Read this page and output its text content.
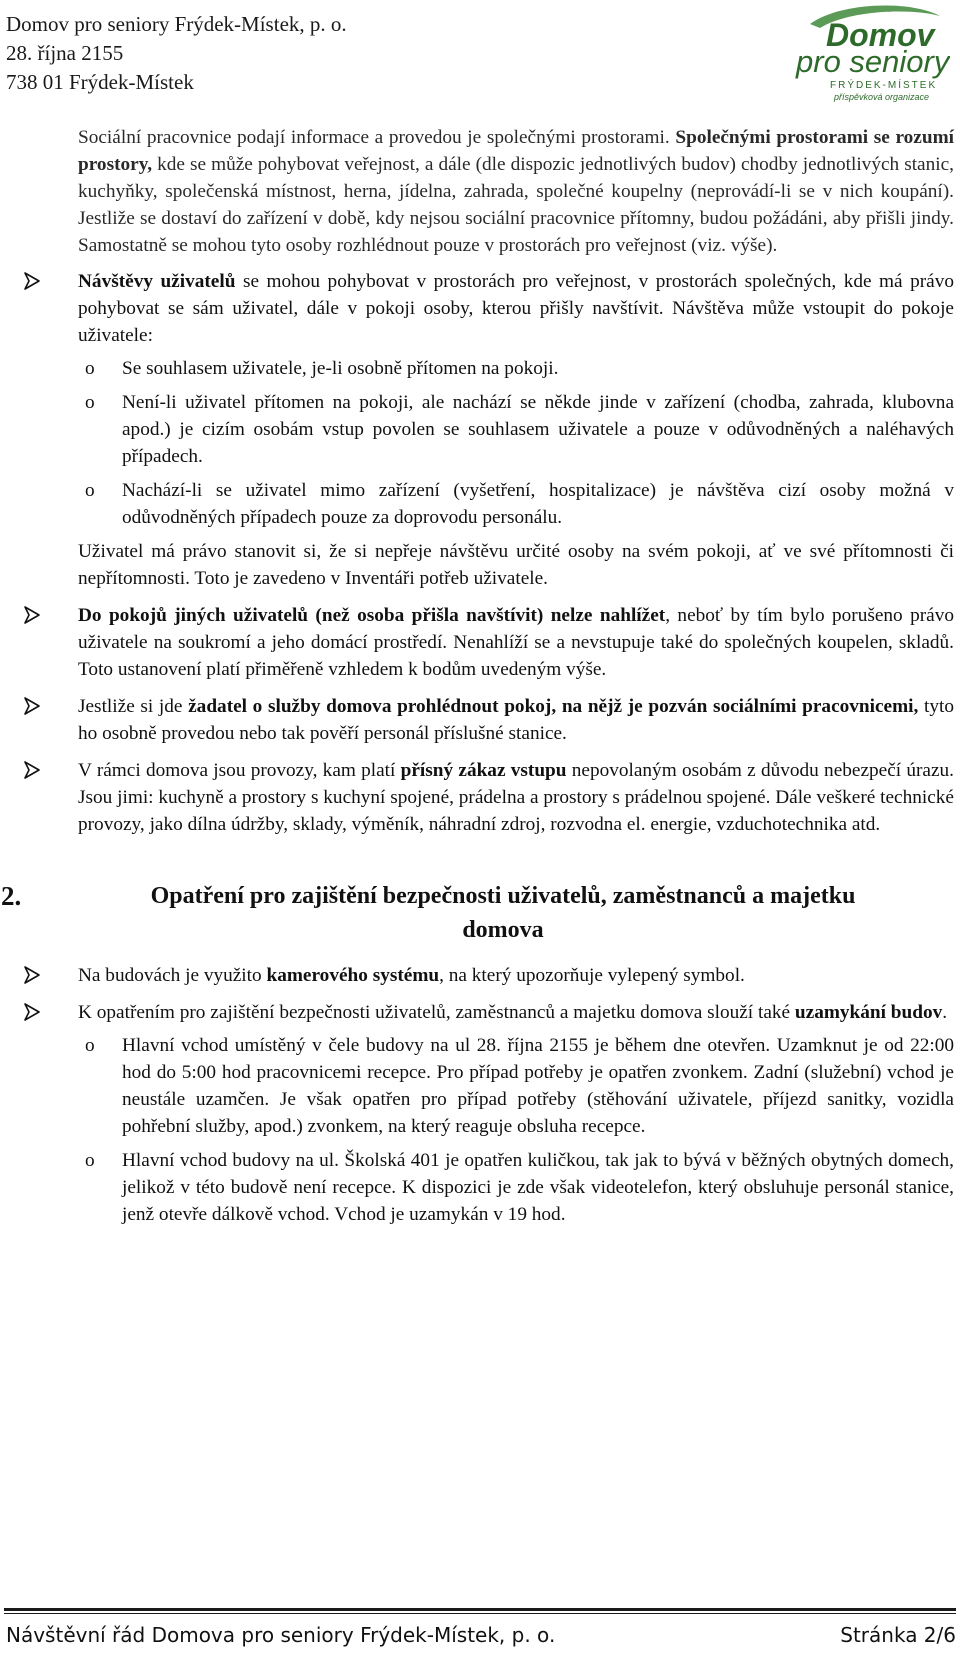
Domov pro seniory Frýdek-Místek, p. o.
28. října 2155
738 01 Frýdek-Místek
Domov
pro seniory
FRÝDEK-MÍSTEK
příspěvková organizace

Sociální pracovnice podají informace a provedou je společnými prostorami. Společnými prostorami se rozumí prostory, kde se může pohybovat veřejnost, a dále (dle dispozic jednotlivých budov) chodby jednotlivých stanic, kuchyňky, společenská místnost, herna, jídelna, zahrada, společné koupelny (neprovádí-li se v nich koupání). Jestliže se dostaví do zařízení v době, kdy nejsou sociální pracovnice přítomny, budou požádáni, aby přišli jindy. Samostatně se mohou tyto osoby rozhlédnout pouze v prostorách pro veřejnost (viz. výše).

Návštěvy uživatelů se mohou pohybovat v prostorách pro veřejnost, v prostorách společných, kde má právo pohybovat se sám uživatel, dále v pokoji osoby, kterou přišly navštívit. Návštěva může vstoupit do pokoje uživatele:

o Se souhlasem uživatele, je-li osobně přítomen na pokoji.
o Není-li uživatel přítomen na pokoji, ale nachází se někde jinde v zařízení (chodba, zahrada, klubovna apod.) je cizím osobám vstup povolen se souhlasem uživatele a pouze v odůvodněných a naléhavých případech.
o Nachází-li se uživatel mimo zařízení (vyšetření, hospitalizace) je návštěva cizí osoby možná v odůvodněných případech pouze za doprovodu personálu.

Uživatel má právo stanovit si, že si nepřeje návštěvu určité osoby na svém pokoji, ať ve své přítomnosti či nepřítomnosti. Toto je zavedeno v Inventáři potřeb uživatele.

Do pokojů jiných uživatelů (než osoba přišla navštívit) nelze nahlížet, neboť by tím bylo porušeno právo uživatele na soukromí a jeho domácí prostředí. Nenahlíží se a nevstupuje také do společných koupelen, skladů. Toto ustanovení platí přiměřeně vzhledem k bodům uvedeným výše.

Jestliže si jde žadatel o služby domova prohlédnout pokoj, na nějž je pozván sociálními pracovnicemi, tyto ho osobně provedou nebo tak pověří personál příslušné stanice.

V rámci domova jsou provozy, kam platí přísný zákaz vstupu nepovolaným osobám z důvodu nebezpečí úrazu. Jsou jimi: kuchyně a prostory s kuchyní spojené, prádelna a prostory s prádelnou spojené. Dále veškeré technické provozy, jako dílna údržby, sklady, výměník, náhradní zdroj, rozvodna el. energie, vzduchotechnika atd.

2.	Opatření pro zajištění bezpečnosti uživatelů, zaměstnanců a majetku
domova

Na budovách je využito kamerového systému, na který upozorňuje vylepený symbol.

K opatřením pro zajištění bezpečnosti uživatelů, zaměstnanců a majetku domova slouží také uzamykání budov.

o Hlavní vchod umístěný v čele budovy na ul 28. října 2155 je během dne otevřen. Uzamknut je od 22:00 hod do 5:00 hod pracovnicemi recepce. Pro případ potřeby je opatřen zvonkem. Zadní (služební) vchod je neustále uzamčen. Je však opatřen pro případ potřeby (stěhování uživatele, příjezd sanitky, vozidla pohřební služby, apod.) zvonkem, na který reaguje obsluha recepce.
o Hlavní vchod budovy na ul. Školská 401 je opatřen kuličkou, tak jak to bývá v běžných obytných domech, jelikož v této budově není recepce. K dispozici je zde však videotelefon, který obsluhuje personál stanice, jenž otevře dálkově vchod. Vchod je uzamykán v 19 hod.
Návštěvní řád Domova pro seniory Frýdek-Místek, p. o.	Stránka 2/6
